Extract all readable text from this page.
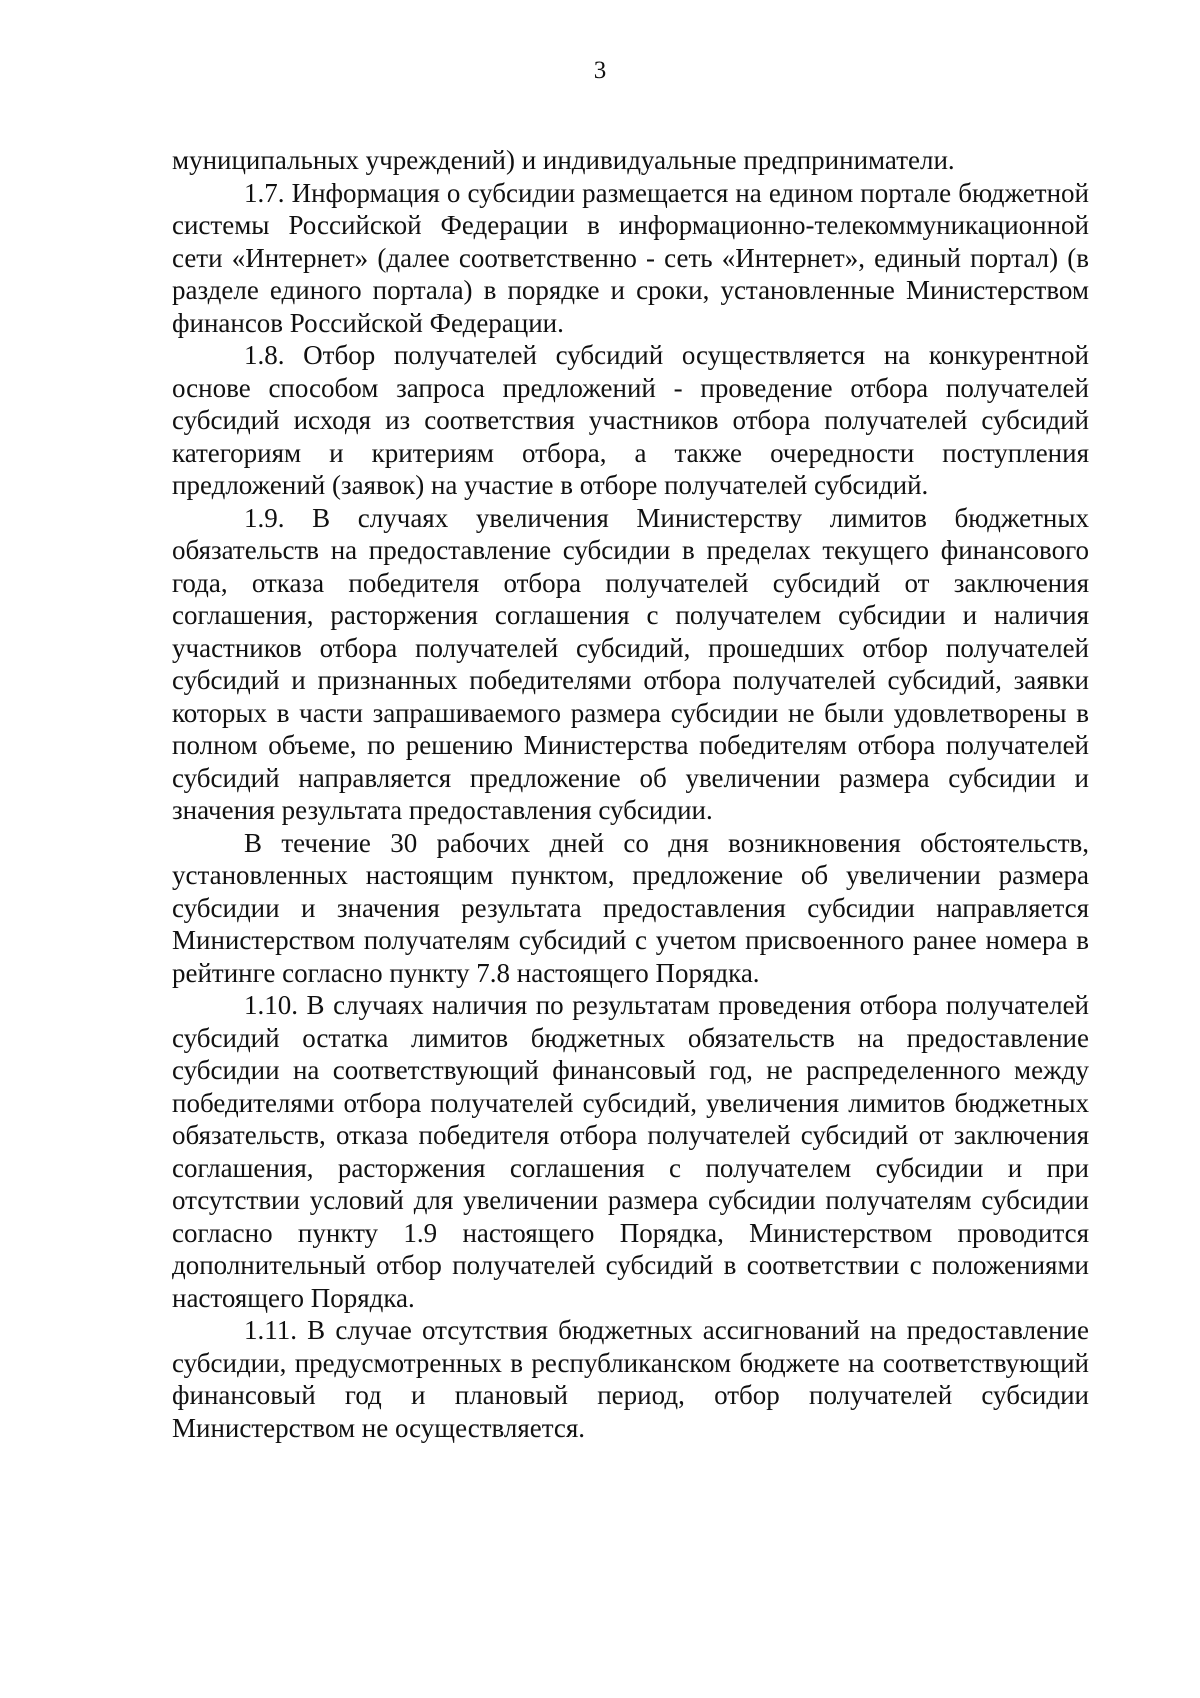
3

муниципальных учреждений) и индивидуальные предприниматели.

1.7. Информация о субсидии размещается на едином портале бюджетной системы Российской Федерации в информационно-телекоммуникационной сети «Интернет» (далее соответственно - сеть «Интернет», единый портал) (в разделе единого портала) в порядке и сроки, установленные Министерством финансов Российской Федерации.

1.8. Отбор получателей субсидий осуществляется на конкурентной основе способом запроса предложений - проведение отбора получателей субсидий исходя из соответствия участников отбора получателей субсидий категориям и критериям отбора, а также очередности поступления предложений (заявок) на участие в отборе получателей субсидий.

1.9. В случаях увеличения Министерству лимитов бюджетных обязательств на предоставление субсидии в пределах текущего финансового года, отказа победителя отбора получателей субсидий от заключения соглашения, расторжения соглашения с получателем субсидии и наличия участников отбора получателей субсидий, прошедших отбор получателей субсидий и признанных победителями отбора получателей субсидий, заявки которых в части запрашиваемого размера субсидии не были удовлетворены в полном объеме, по решению Министерства победителям отбора получателей субсидий направляется предложение об увеличении размера субсидии и значения результата предоставления субсидии.

В течение 30 рабочих дней со дня возникновения обстоятельств, установленных настоящим пунктом, предложение об увеличении размера субсидии и значения результата предоставления субсидии направляется Министерством получателям субсидий с учетом присвоенного ранее номера в рейтинге согласно пункту 7.8 настоящего Порядка.

1.10. В случаях наличия по результатам проведения отбора получателей субсидий остатка лимитов бюджетных обязательств на предоставление субсидии на соответствующий финансовый год, не распределенного между победителями отбора получателей субсидий, увеличения лимитов бюджетных обязательств, отказа победителя отбора получателей субсидий от заключения соглашения, расторжения соглашения с получателем субсидии и при отсутствии условий для увеличении размера субсидии получателям субсидии согласно пункту 1.9 настоящего Порядка, Министерством проводится дополнительный отбор получателей субсидий в соответствии с положениями настоящего Порядка.

1.11. В случае отсутствия бюджетных ассигнований на предоставление субсидии, предусмотренных в республиканском бюджете на соответствующий финансовый год и плановый период, отбор получателей субсидии Министерством не осуществляется.
